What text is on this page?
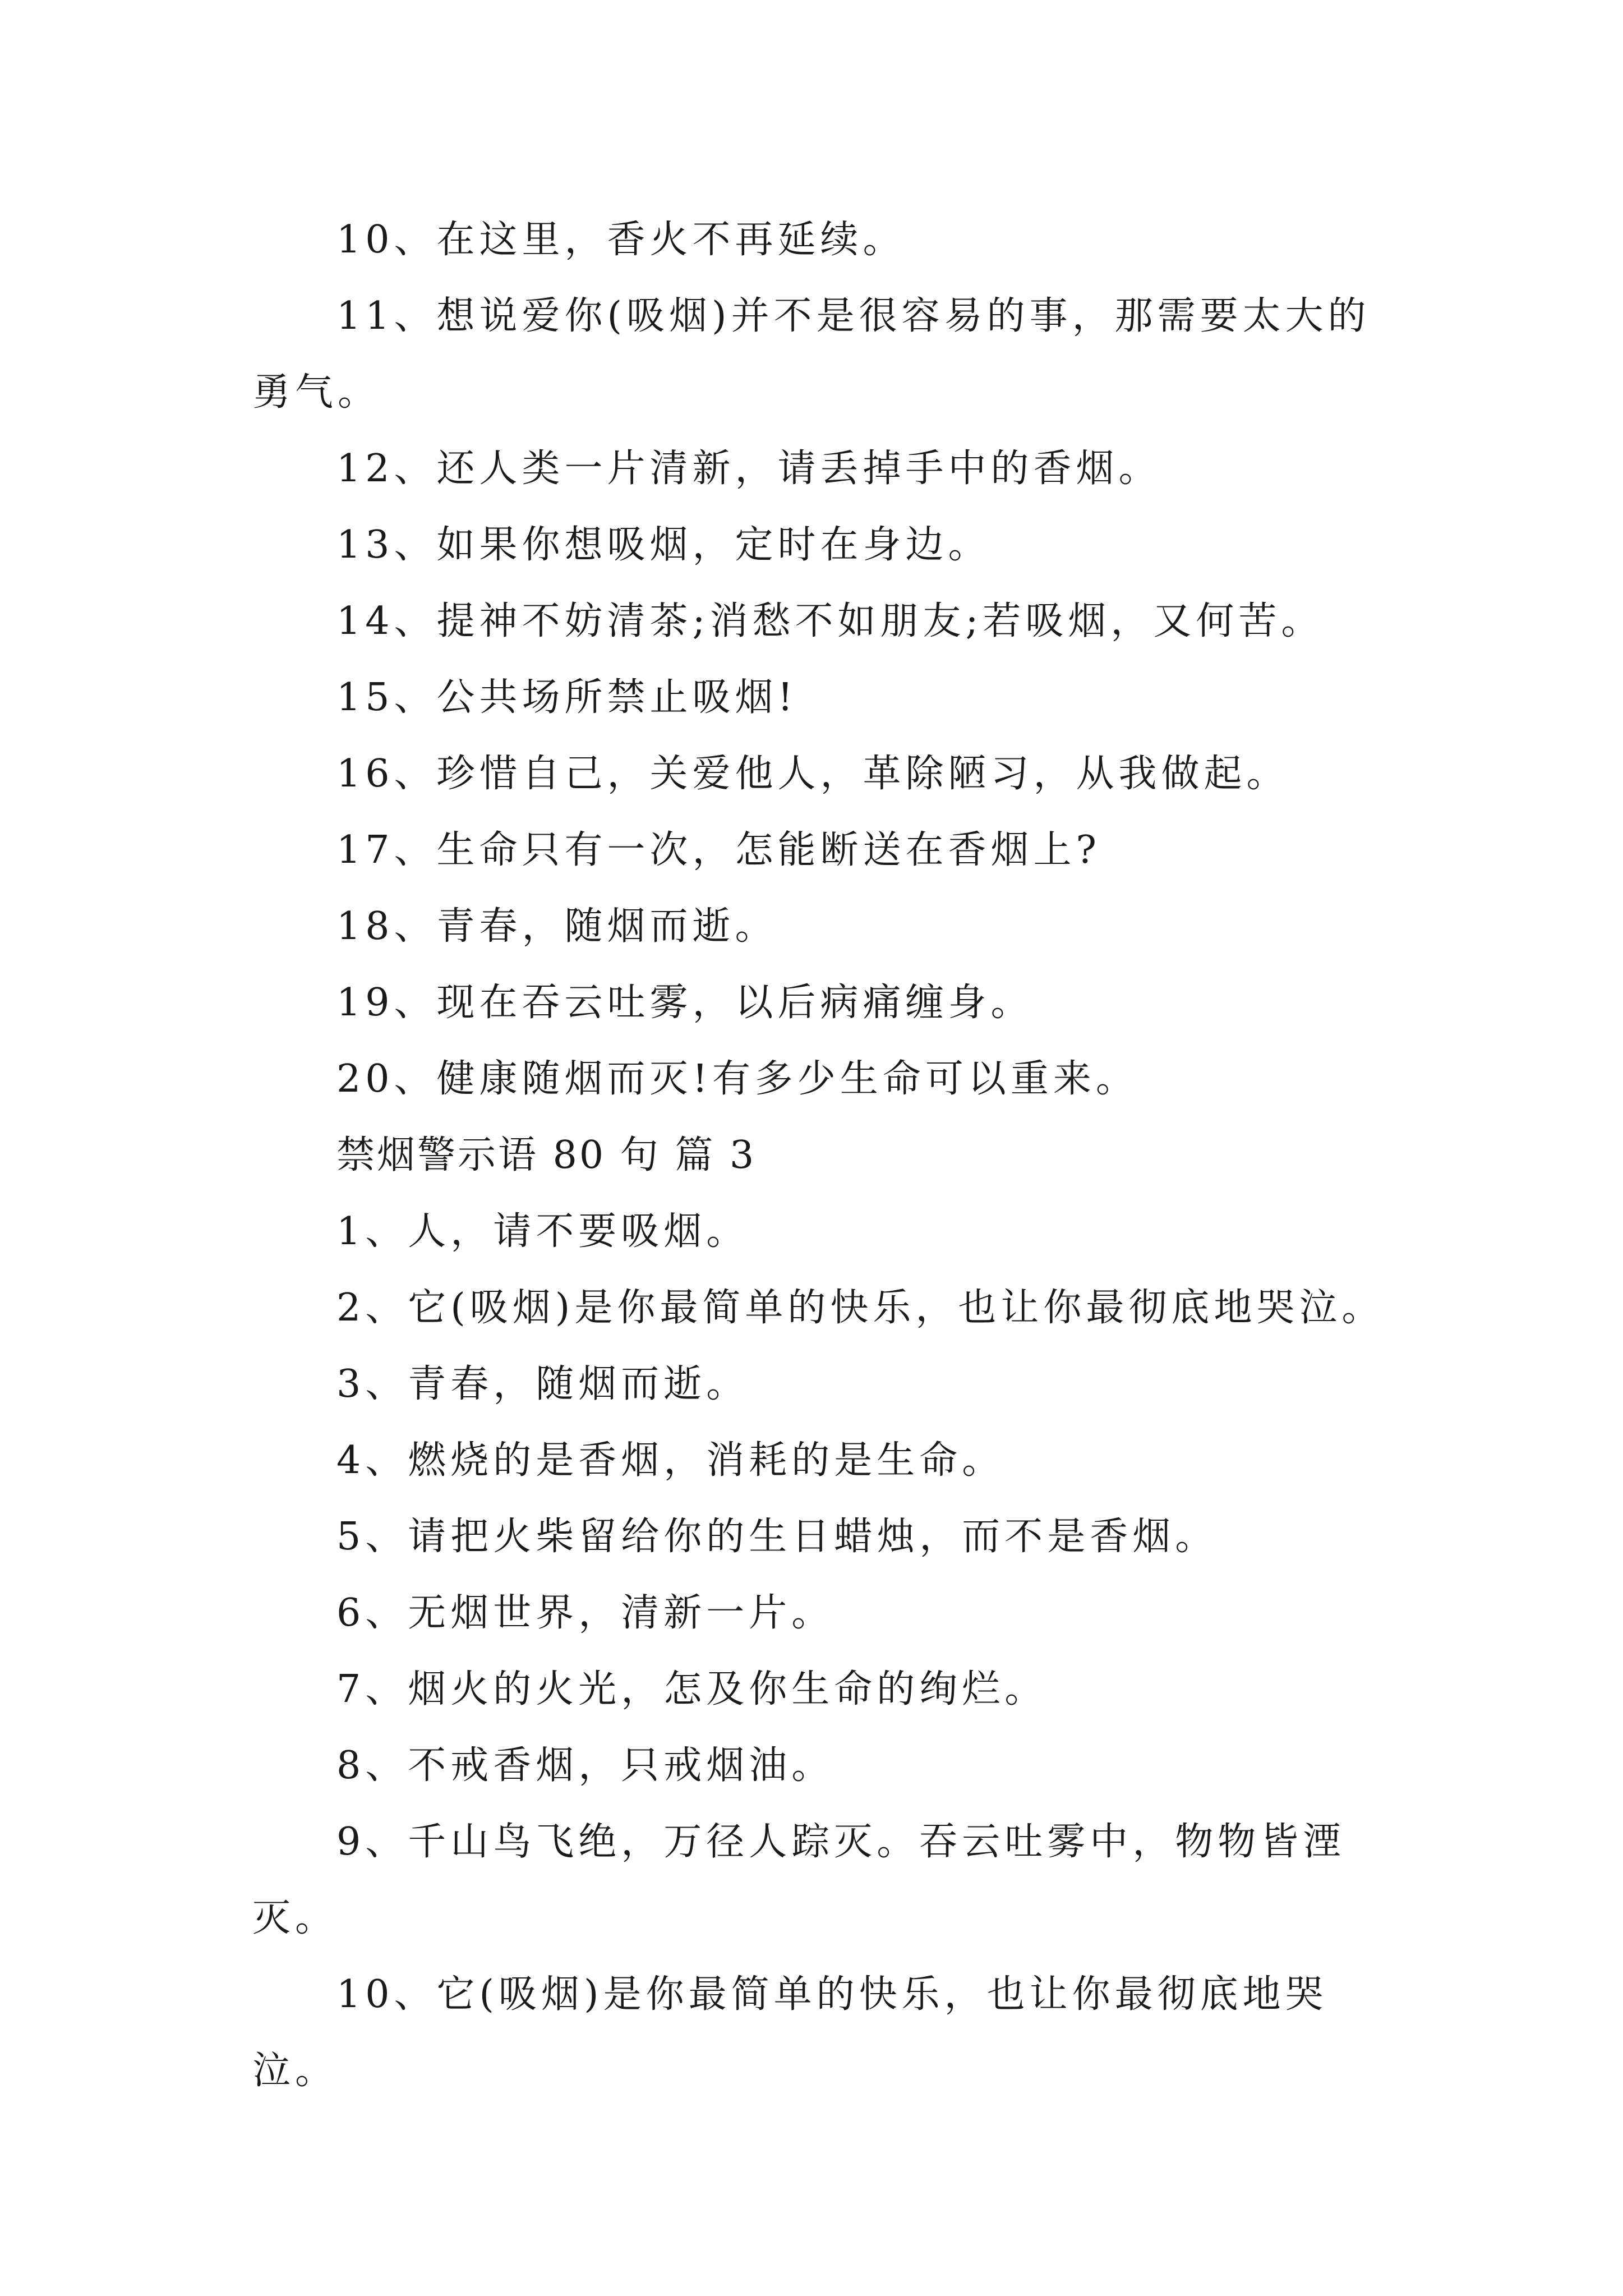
10、在这里，香火不再延续。

11、想说爱你(吸烟)并不是很容易的事，那需要太大的勇气。

12、还人类一片清新，请丢掉手中的香烟。

13、如果你想吸烟，定时在身边。

14、提神不妨清茶;消愁不如朋友;若吸烟，又何苦。

15、公共场所禁止吸烟!

16、珍惜自己，关爱他人，革除陋习，从我做起。

17、生命只有一次，怎能断送在香烟上?

18、青春，随烟而逝。

19、现在吞云吐雾，以后病痛缠身。

20、健康随烟而灭!有多少生命可以重来。

禁烟警示语 80 句 篇 3

1、人，请不要吸烟。

2、它(吸烟)是你最简单的快乐，也让你最彻底地哭泣。

3、青春，随烟而逝。

4、燃烧的是香烟，消耗的是生命。

5、请把火柴留给你的生日蜡烛，而不是香烟。

6、无烟世界，清新一片。

7、烟火的火光，怎及你生命的绚烂。

8、不戒香烟，只戒烟油。

9、千山鸟飞绝，万径人踪灭。吞云吐雾中，物物皆湮灭。

10、它(吸烟)是你最简单的快乐，也让你最彻底地哭泣。
